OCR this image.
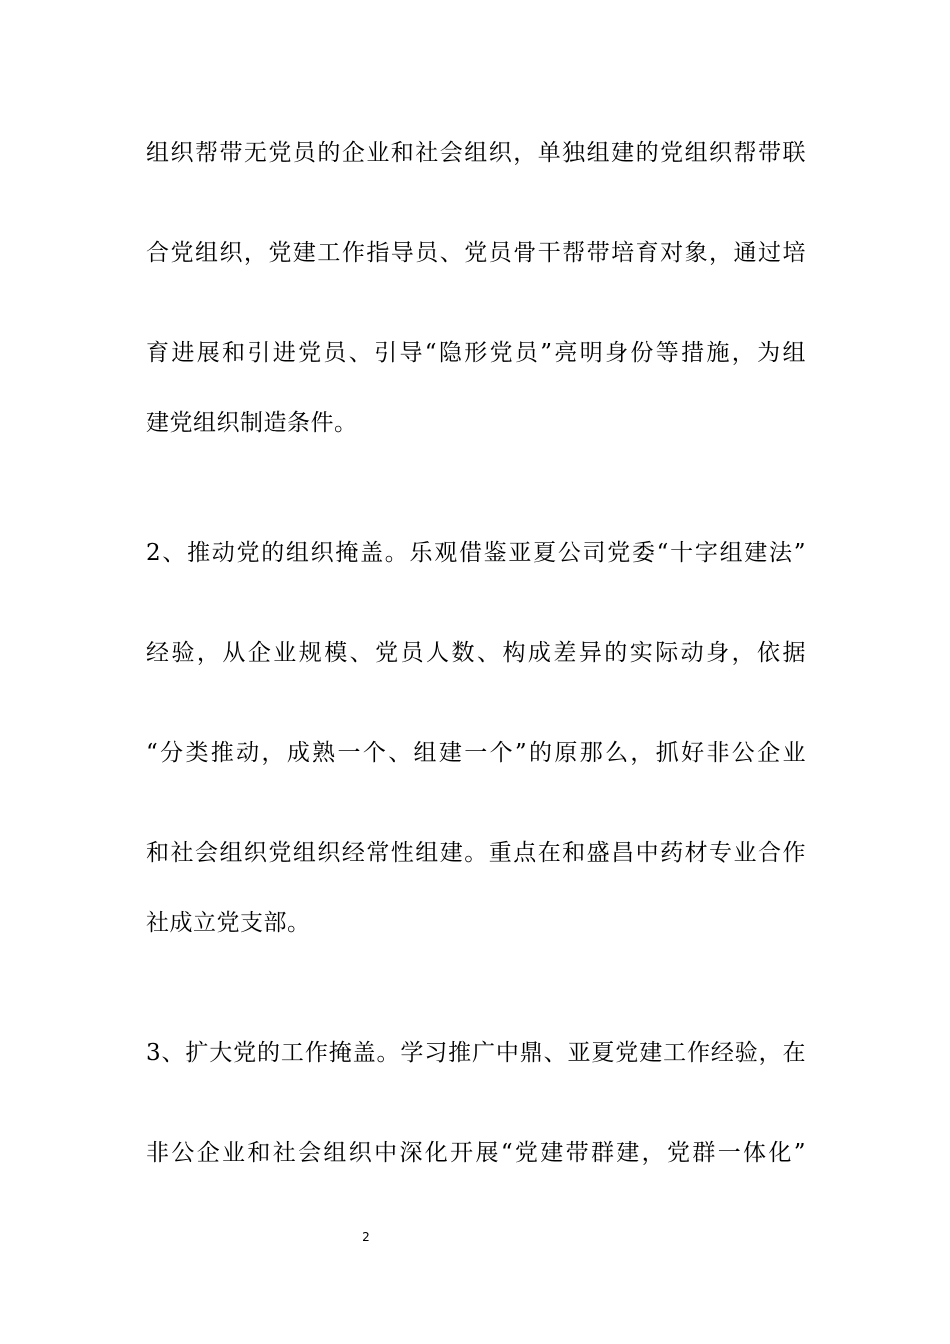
组织帮带无党员的企业和社会组织，单独组建的党组织帮带联
合党组织，党建工作指导员、党员骨干帮带培育对象，通过培
育进展和引进党员、引导“隐形党员”亮明身份等措施，为组
建党组织制造条件。
2、推动党的组织掩盖。乐观借鉴亚夏公司党委“十字组建法”
经验，从企业规模、党员人数、构成差异的实际动身，依据
“分类推动，成熟一个、组建一个”的原那么，抓好非公企业
和社会组织党组织经常性组建。重点在和盛昌中药材专业合作
社成立党支部。
3、扩大党的工作掩盖。学习推广中鼎、亚夏党建工作经验，在
非公企业和社会组织中深化开展“党建带群建，党群一体化”
2
